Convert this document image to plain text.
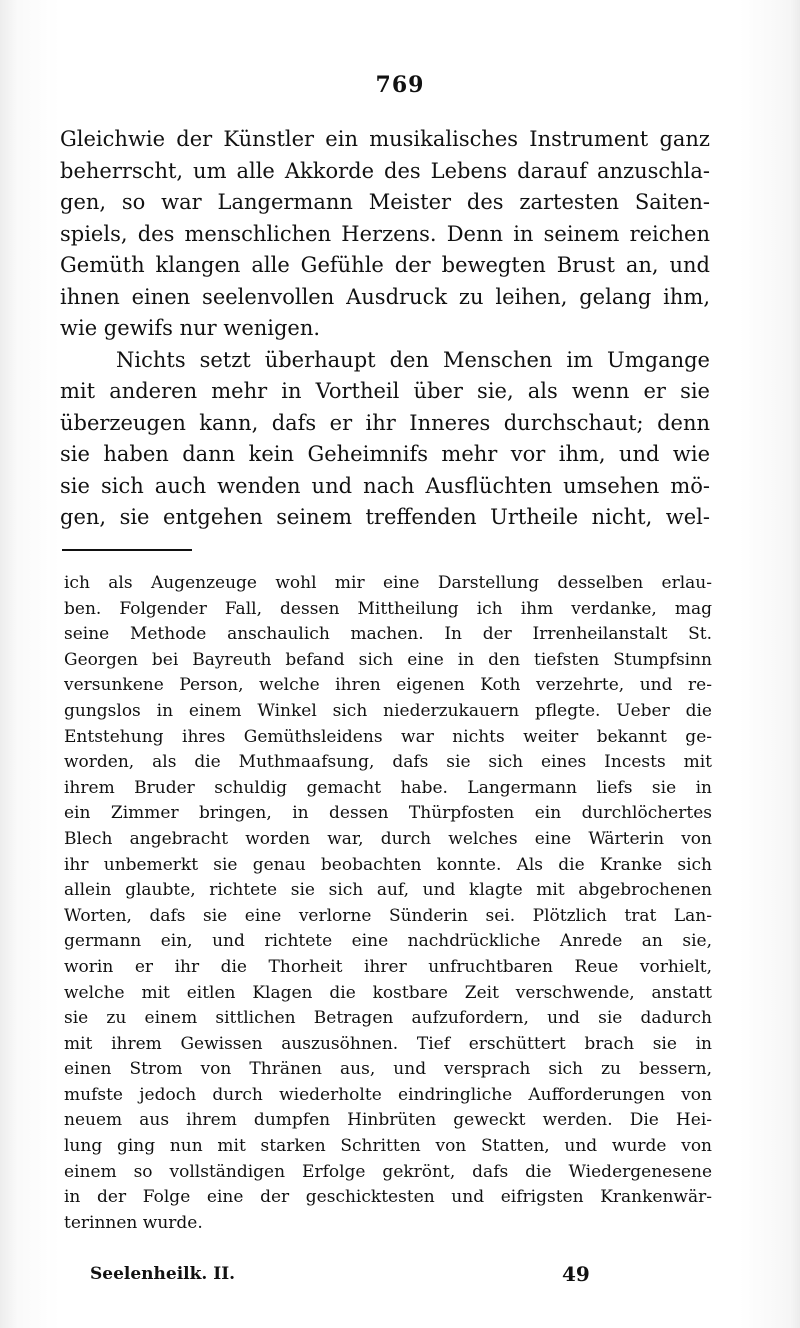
769
Gleichwie der Künstler ein musikalisches Instrument ganz
beherrscht, um alle Akkorde des Lebens darauf anzuschla-
gen, so war Langermann Meister des zartesten Saiten-
spiels, des menschlichen Herzens. Denn in seinem reichen
Gemüth klangen alle Gefühle der bewegten Brust an, und
ihnen einen seelenvollen Ausdruck zu leihen, gelang ihm,
wie gewifs nur wenigen.
Nichts setzt überhaupt den Menschen im Umgange
mit anderen mehr in Vortheil über sie, als wenn er sie
überzeugen kann, dafs er ihr Inneres durchschaut; denn
sie haben dann kein Geheimnifs mehr vor ihm, und wie
sie sich auch wenden und nach Ausflüchten umsehen mö-
gen, sie entgehen seinem treffenden Urtheile nicht, wel-
ich als Augenzeuge wohl mir eine Darstellung desselben erlau-
ben. Folgender Fall, dessen Mittheilung ich ihm verdanke, mag
seine Methode anschaulich machen. In der Irrenheilanstalt St.
Georgen bei Bayreuth befand sich eine in den tiefsten Stumpfsinn
versunkene Person, welche ihren eigenen Koth verzehrte, und re-
gungslos in einem Winkel sich niederzukauern pflegte. Ueber die
Entstehung ihres Gemüthsleidens war nichts weiter bekannt ge-
worden, als die Muthmaafsung, dafs sie sich eines Incests mit
ihrem Bruder schuldig gemacht habe. Langermann liefs sie in
ein Zimmer bringen, in dessen Thürpfosten ein durchlöchertes
Blech angebracht worden war, durch welches eine Wärterin von
ihr unbemerkt sie genau beobachten konnte. Als die Kranke sich
allein glaubte, richtete sie sich auf, und klagte mit abgebrochenen
Worten, dafs sie eine verlorne Sünderin sei. Plötzlich trat Lan-
germann ein, und richtete eine nachdrückliche Anrede an sie,
worin er ihr die Thorheit ihrer unfruchtbaren Reue vorhielt,
welche mit eitlen Klagen die kostbare Zeit verschwende, anstatt
sie zu einem sittlichen Betragen aufzufordern, und sie dadurch
mit ihrem Gewissen auszusöhnen. Tief erschüttert brach sie in
einen Strom von Thränen aus, und versprach sich zu bessern,
mufste jedoch durch wiederholte eindringliche Aufforderungen von
neuem aus ihrem dumpfen Hinbrüten geweckt werden. Die Hei-
lung ging nun mit starken Schritten von Statten, und wurde von
einem so vollständigen Erfolge gekrönt, dafs die Wiedergenesene
in der Folge eine der geschicktesten und eifrigsten Krankenwär-
terinnen wurde.
Seelenheilk. II.	49
